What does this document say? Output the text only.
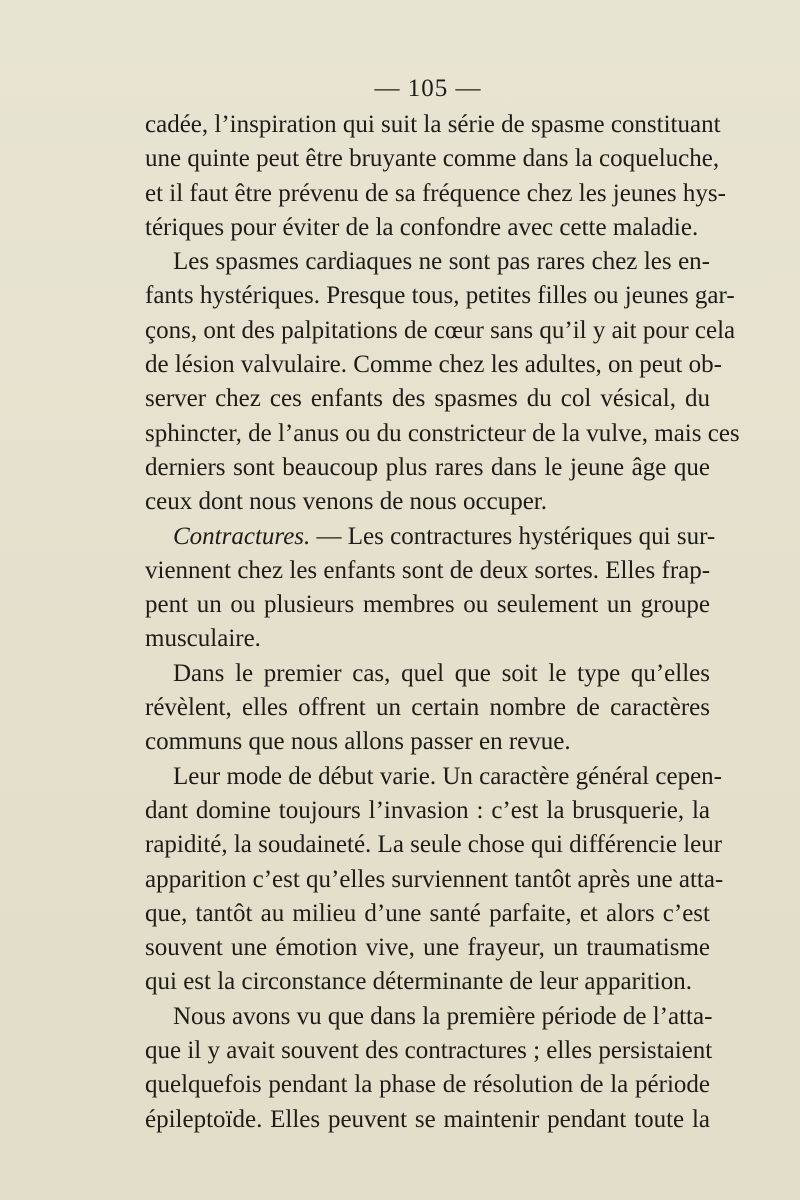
— 105 —
cadée, l’inspiration qui suit la série de spasme constituant
une quinte peut être bruyante comme dans la coqueluche,
et il faut être prévenu de sa fréquence chez les jeunes hys-
tériques pour éviter de la confondre avec cette maladie.
Les spasmes cardiaques ne sont pas rares chez les en-
fants hystériques. Presque tous, petites filles ou jeunes gar-
çons, ont des palpitations de cœur sans qu’il y ait pour cela
de lésion valvulaire. Comme chez les adultes, on peut ob-
server chez ces enfants des spasmes du col vésical, du
sphincter, de l’anus ou du constricteur de la vulve, mais ces
derniers sont beaucoup plus rares dans le jeune âge que
ceux dont nous venons de nous occuper.
Contractures. — Les contractures hystériques qui sur-
viennent chez les enfants sont de deux sortes. Elles frap-
pent un ou plusieurs membres ou seulement un groupe
musculaire.
Dans le premier cas, quel que soit le type qu’elles
révèlent, elles offrent un certain nombre de caractères
communs que nous allons passer en revue.
Leur mode de début varie. Un caractère général cepen-
dant domine toujours l’invasion : c’est la brusquerie, la
rapidité, la soudaineté. La seule chose qui différencie leur
apparition c’est qu’elles surviennent tantôt après une atta-
que, tantôt au milieu d’une santé parfaite, et alors c’est
souvent une émotion vive, une frayeur, un traumatisme
qui est la circonstance déterminante de leur apparition.
Nous avons vu que dans la première période de l’atta-
que il y avait souvent des contractures ; elles persistaient
quelquefois pendant la phase de résolution de la période
épileptoïde. Elles peuvent se maintenir pendant toute la
